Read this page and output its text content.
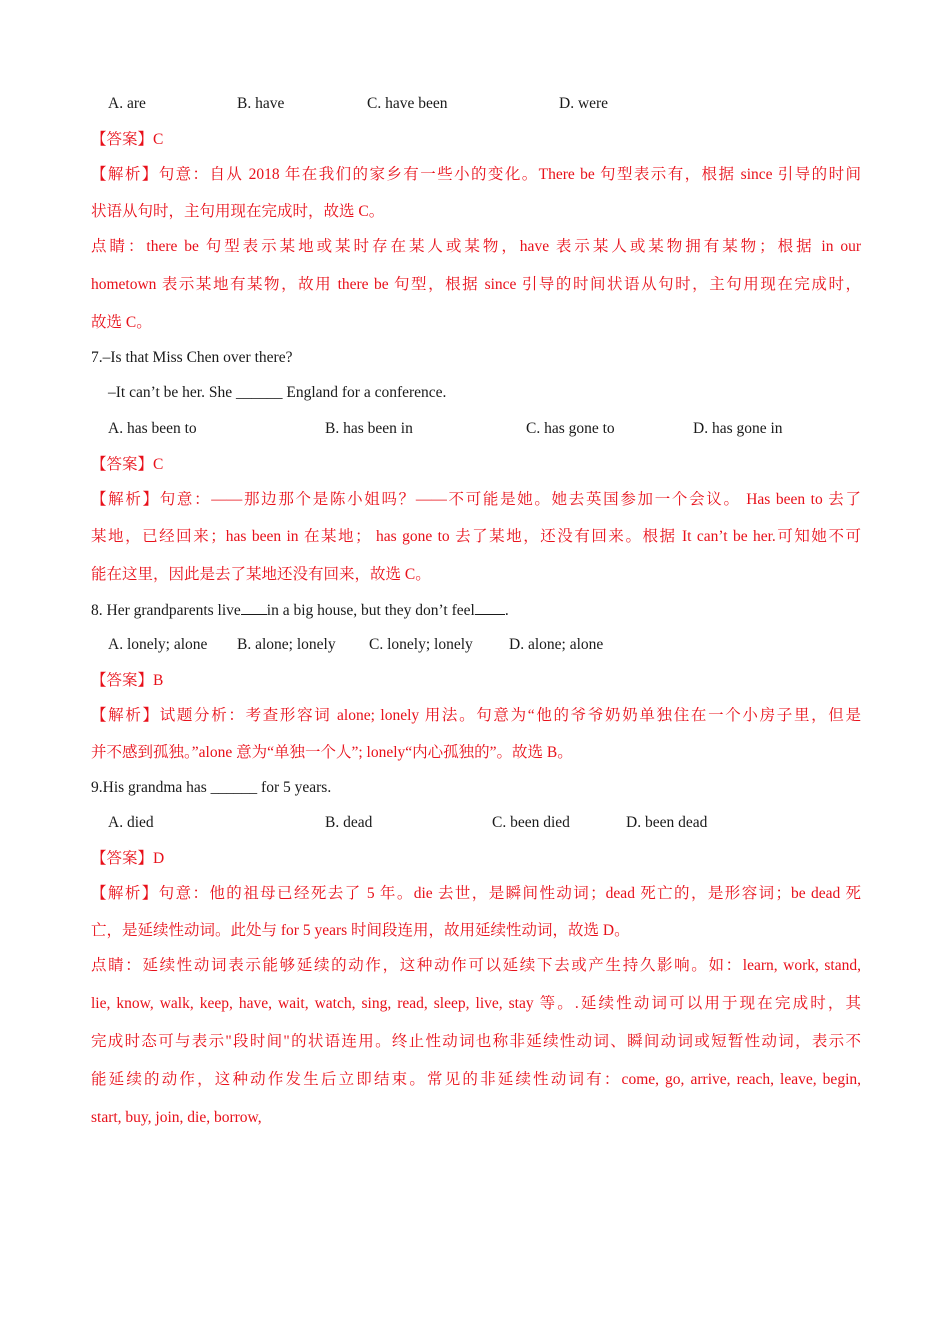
A. are	B. have	C. have been	D. were
【答案】C
【解析】句意：自从 2018 年在我们的家乡有一些小的变化。There be 句型表示有，根据 since 引导的时间
状语从句时，主句用现在完成时，故选 C。
点睛：there be 句型表示某地或某时存在某人或某物，have 表示某人或某物拥有某物；根据 in our
hometown 表示某地有某物，故用 there be 句型，根据 since 引导的时间状语从句时，主句用现在完成时，
故选 C。
7.–Is that Miss Chen over there?
–It can’t be her. She ______ England for a conference.
A. has been to	B. has been in	C. has gone to	D. has gone in
【答案】C
【解析】句意：——那边那个是陈小姐吗？——不可能是她。她去英国参加一个会议。 Has been to 去了
某地，已经回来；has been in 在某地； has gone to 去了某地，还没有回来。根据 It can’t be her.可知她不可
能在这里，因此是去了某地还没有回来，故选 C。
8. Her grandparents live in a big house, but they don’t feel .
A. lonely; alone B. alone; lonely C. lonely; lonely D. alone; alone
【答案】B
【解析】试题分析：考查形容词 alone; lonely 用法。句意为“他的爷爷奶奶单独住在一个小房子里，但是
并不感到孤独。”alone 意为“单独一个人”; lonely“内心孤独的”。故选 B。
9.His grandma has ______ for 5 years.
A. died	B. dead	C. been died	D. been dead
【答案】D
【解析】句意：他的祖母已经死去了 5 年。die 去世，是瞬间性动词；dead 死亡的，是形容词；be dead 死
亡，是延续性动词。此处与 for 5 years 时间段连用，故用延续性动词，故选 D。
点睛：延续性动词表示能够延续的动作，这种动作可以延续下去或产生持久影响。如：learn, work, stand,
lie, know, walk, keep, have, wait, watch, sing, read, sleep, live, stay 等。.延续性动词可以用于现在完成时，其
完成时态可与表示"段时间"的状语连用。终止性动词也称非延续性动词、瞬间动词或短暂性动词，表示不
能延续的动作，这种动作发生后立即结束。常见的非延续性动词有：come, go, arrive, reach, leave, begin,
start, buy, join, die, borrow,
